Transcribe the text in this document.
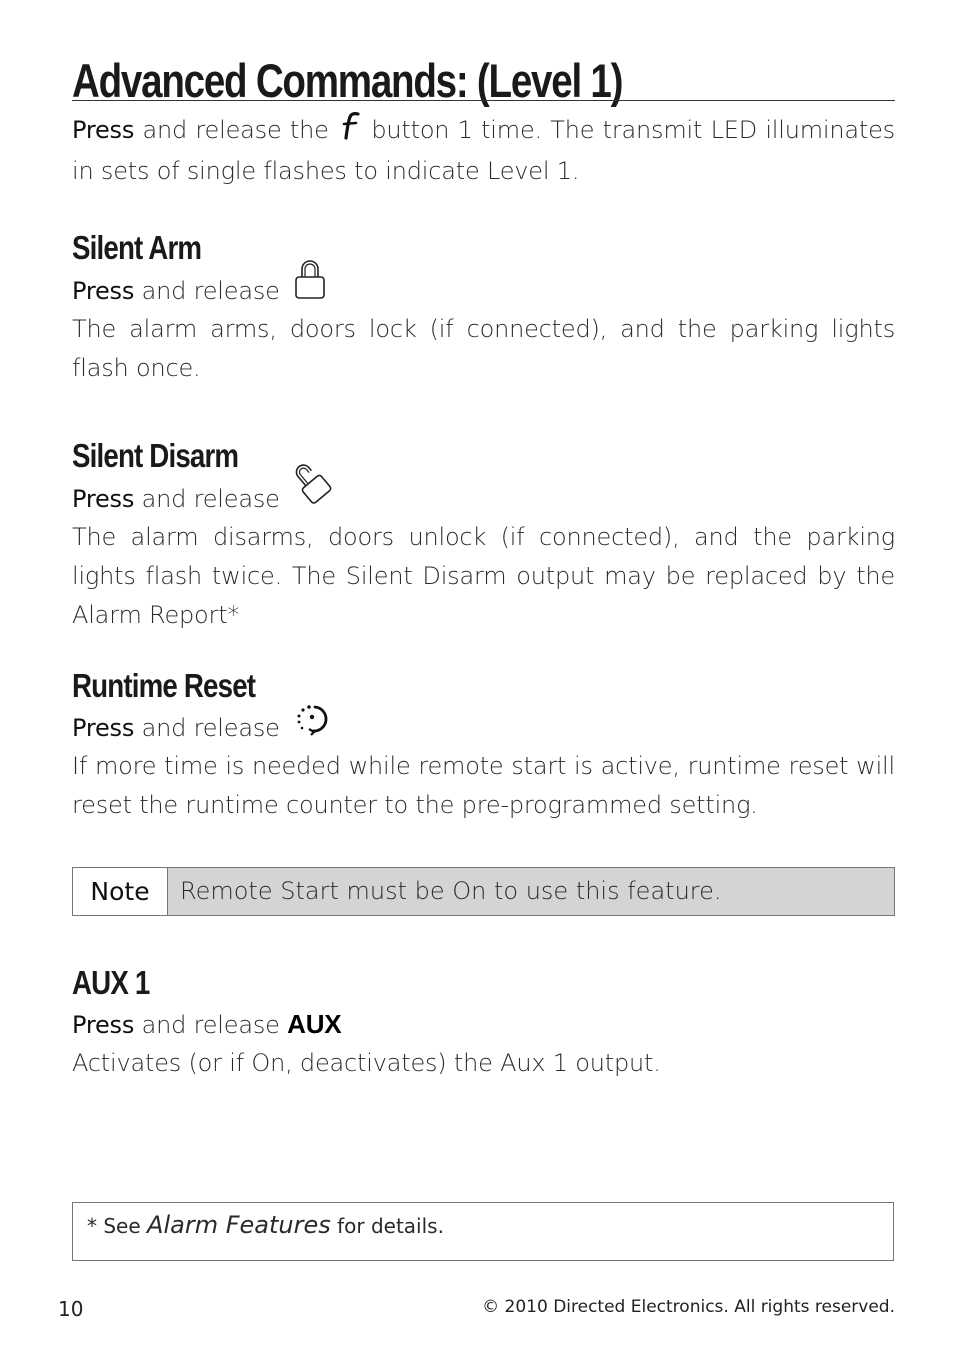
Advanced Commands: (Level 1)

Press and release the  button 1 time. The transmit LED illuminates in sets of single flashes to indicate Level 1.

Silent Arm

Press and release

The alarm arms, doors lock (if connected), and the parking lights flash once.

Silent Disarm

Press and release

The alarm disarms, doors unlock (if connected), and the parking lights flash twice. The Silent Disarm output may be replaced by the Alarm Report*

Runtime Reset

Press and release

If more time is needed while remote start is active, runtime reset will reset the runtime counter to the pre-programmed setting.

Note	Remote Start must be On to use this feature.
AUX 1

Press and release AUX

Activates (or if On, deactivates) the Aux 1 output.

* See Alarm Features for details.
10	© 2010 Directed Electronics. All rights reserved.
